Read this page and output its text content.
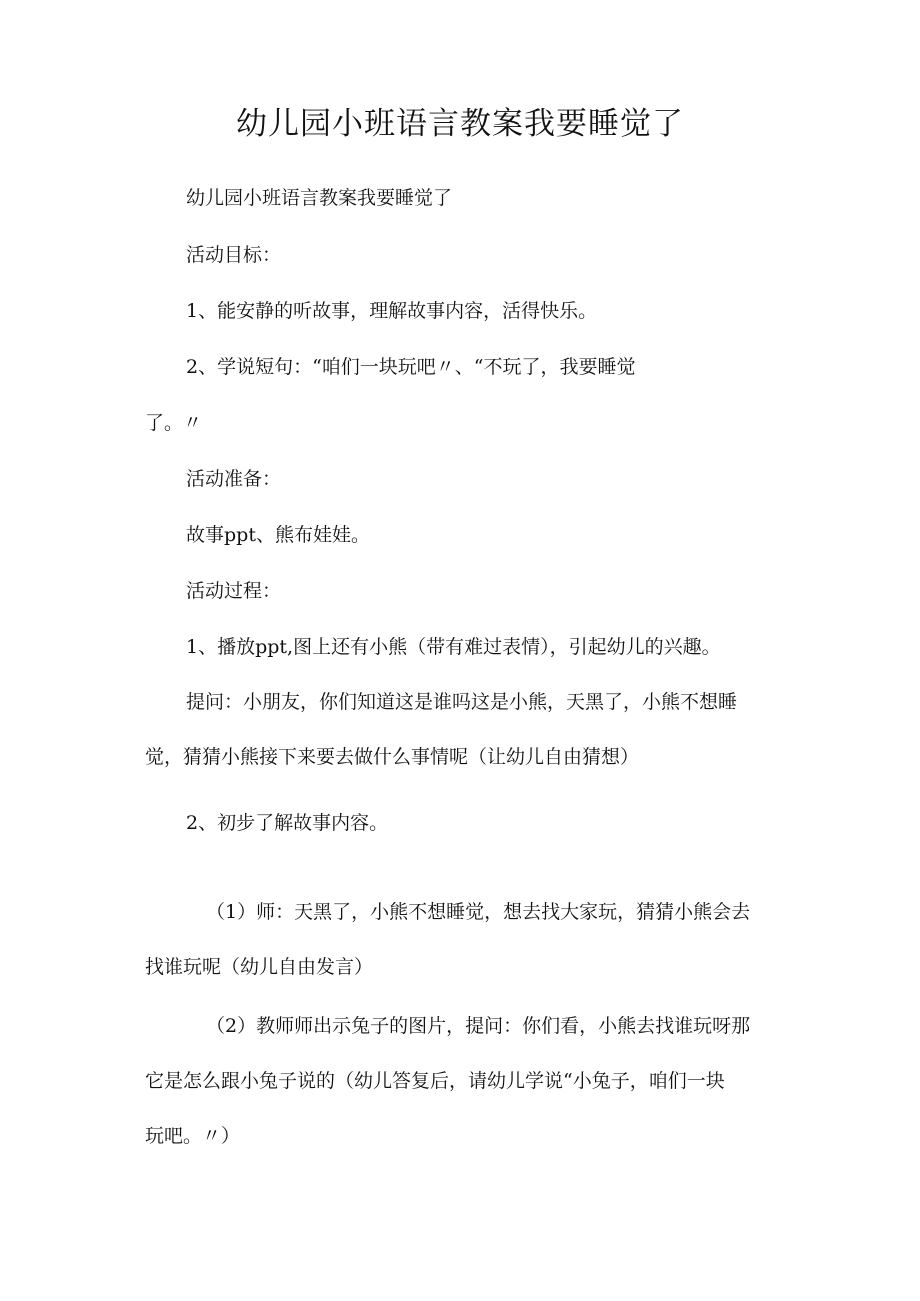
幼儿园小班语言教案我要睡觉了
幼儿园小班语言教案我要睡觉了
活动目标：
1、能安静的听故事，理解故事内容，活得快乐。
2、学说短句：“咱们一块玩吧〃、“不玩了，我要睡觉
了。〃
活动准备：
故事ppt、熊布娃娃。
活动过程：
1、播放ppt,图上还有小熊（带有难过表情），引起幼儿的兴趣。
提问：小朋友，你们知道这是谁吗这是小熊，天黑了，小熊不想睡
觉，猜猜小熊接下来要去做什么事情呢（让幼儿自由猜想）
2、初步了解故事内容。
（1）师：天黑了，小熊不想睡觉，想去找大家玩，猜猜小熊会去
找谁玩呢（幼儿自由发言）
（2）教师师出示兔子的图片，提问：你们看，小熊去找谁玩呀那
它是怎么跟小兔子说的（幼儿答复后，请幼儿学说“小兔子，咱们一块
玩吧。〃）
